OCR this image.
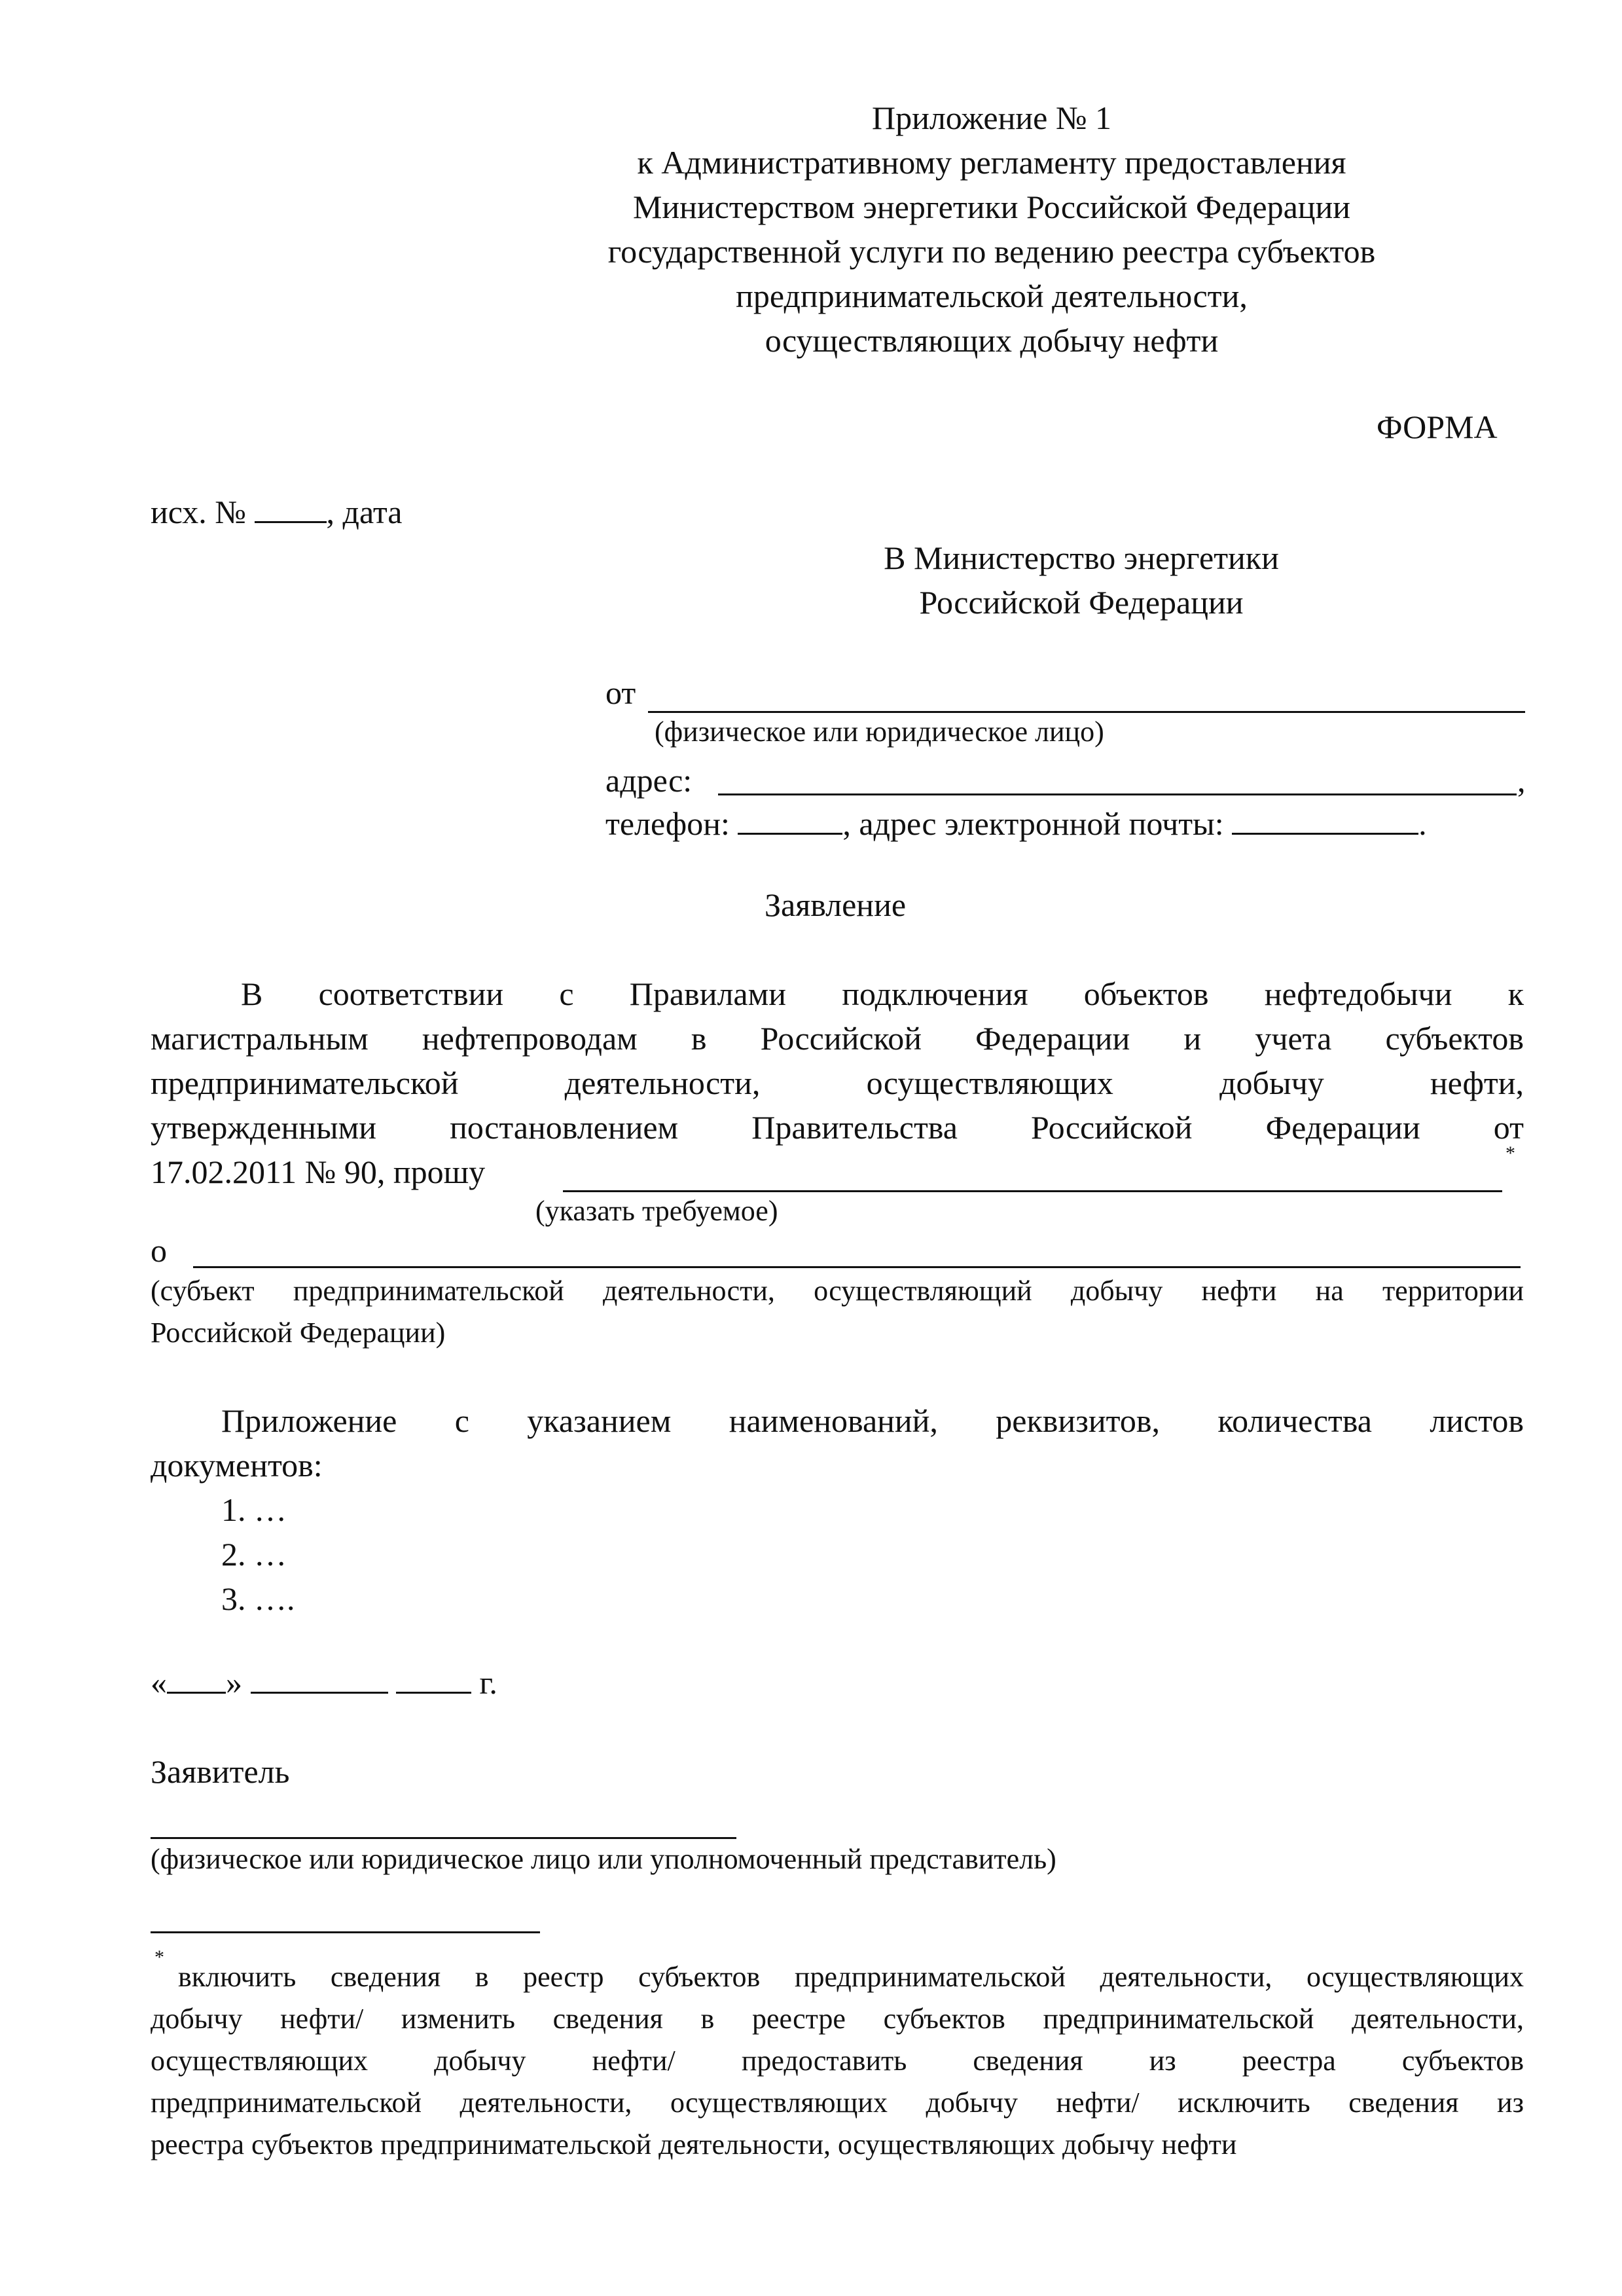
Приложение № 1
к Административному регламенту предоставления
Министерством энергетики Российской Федерации
государственной услуги по ведению реестра субъектов
предпринимательской деятельности,
осуществляющих добычу нефти
ФОРМА
исх. № , дата
В Министерство энергетики
Российской Федерации
от
(физическое или юридическое лицо)
адрес:	,
телефон:	, адрес электронной почты:	.
Заявление
В соответствии с Правилами подключения объектов нефтедобычи к
магистральным нефтепроводам в Российской Федерации и учета субъектов
предпринимательской деятельности, осуществляющих добычу нефти,
утвержденными постановлением Правительства Российской Федерации от
17.02.2011 № 90, прошу
*
(указать требуемое)
о
(субъект предпринимательской деятельности, осуществляющий добычу нефти на территории
Российской Федерации)
Приложение с указанием наименований, реквизитов, количества листов
документов:
1. …
2. …
3. ….
« »	г.
Заявитель
(физическое или юридическое лицо или уполномоченный представитель)
*
включить сведения в реестр субъектов предпринимательской деятельности, осуществляющих
добычу нефти/ изменить сведения в реестре субъектов предпринимательской деятельности,
осуществляющих добычу нефти/ предоставить сведения из реестра субъектов
предпринимательской деятельности, осуществляющих добычу нефти/ исключить сведения из
реестра субъектов предпринимательской деятельности, осуществляющих добычу нефти
